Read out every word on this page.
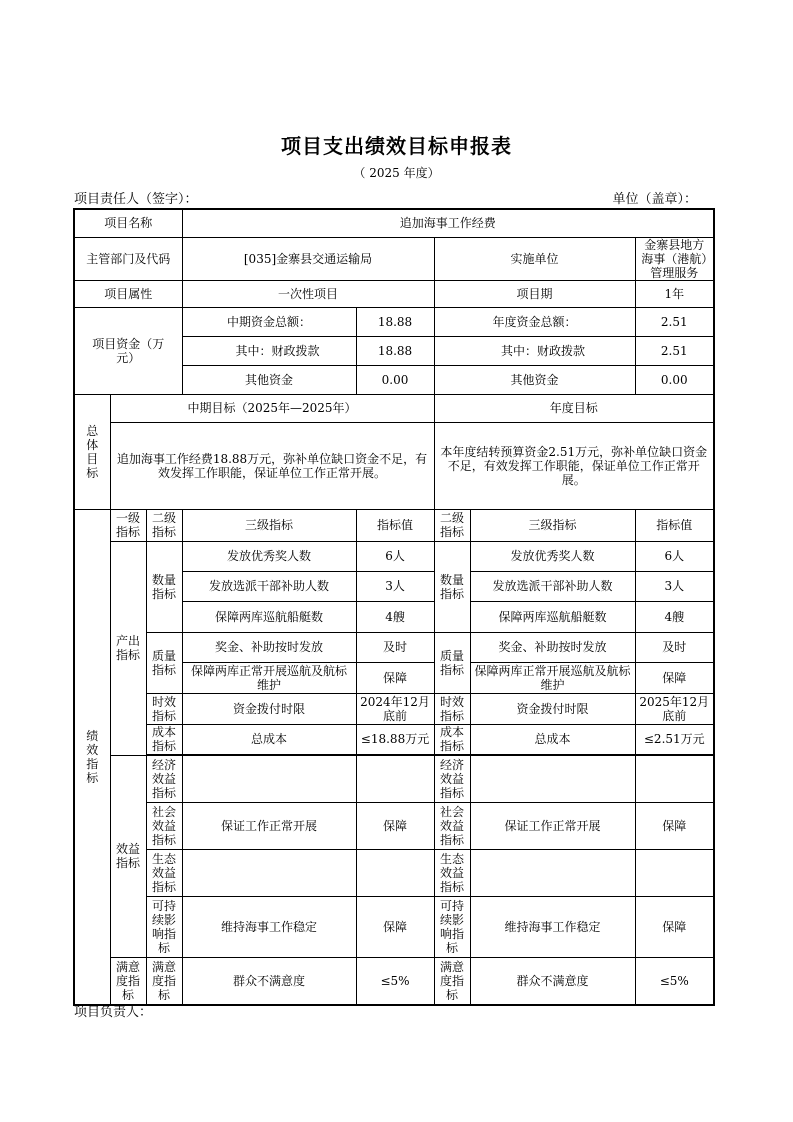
项目支出绩效目标申报表
（ 2025 年度）
项目责任人（签字）：	单位（盖章）：
项目名称			追加海事工作经费				
主管部门及代码			[035]金寨县交通运输局		实施单位		金寨县地方海事（港航）管理服务
项目属性			一次性项目		项目期		1年
项目资金（万元）			中期资金总额：	18.88	年度资金总额：		2.51
			其中：财政拨款	18.88	其中：财政拨款		2.51
			其他资金	0.00	其他资金		0.00
总体目标	中期目标（2025年—2025年）				年度目标		
	追加海事工作经费18.88万元，弥补单位缺口资金不足，有效发挥工作职能，保证单位工作正常开展。				本年度结转预算资金2.51万元，弥补单位缺口资金不足，有效发挥工作职能，保证单位工作正常开展。		
绩效指标	一级指标	二级指标	三级指标	指标值	二级指标	三级指标	指标值
	产出指标	数量指标	发放优秀奖人数	6人	数量指标	发放优秀奖人数	6人
			发放选派干部补助人数	3人		发放选派干部补助人数	3人
			保障两库巡航船艇数	4艘		保障两库巡航船艇数	4艘
		质量指标	奖金、补助按时发放	及时	质量指标	奖金、补助按时发放	及时
			保障两库正常开展巡航及航标维护	保障		保障两库正常开展巡航及航标维护	保障
		时效指标	资金拨付时限	2024年12月底前	时效指标	资金拨付时限	2025年12月底前
		成本指标	总成本	≤18.88万元	成本指标	总成本	≤2.51万元

	效益指标	经济效益指标			经济效益指标		
		社会效益指标	保证工作正常开展	保障	社会效益指标	保证工作正常开展	保障
		生态效益指标			生态效益指标		
		可持续影响指标	维持海事工作稳定	保障	可持续影响指标	维持海事工作稳定	保障
	满意度指标	满意度指标	群众不满意度	≤5%	满意度指标	群众不满意度	≤5%
项目负责人：
